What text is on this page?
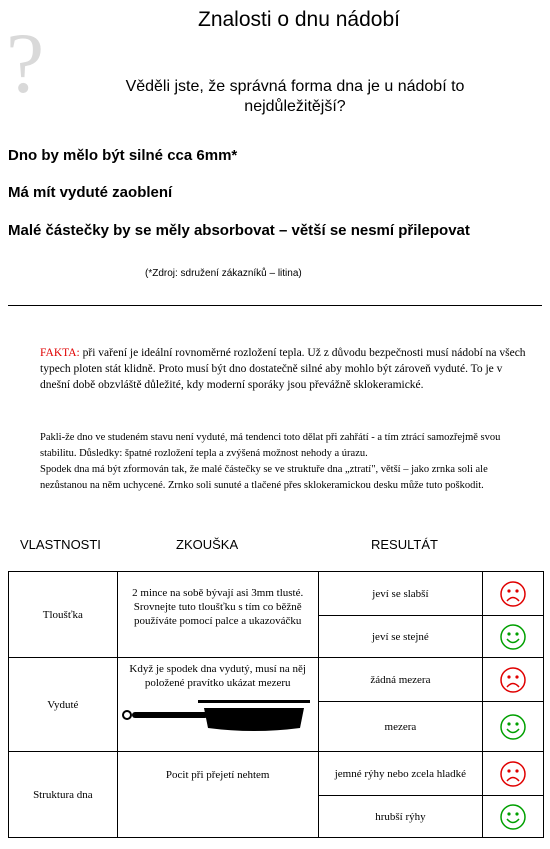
Znalosti o dnu nádobí
?	Věděli jste, že správná forma dna je u nádobí to nejdůležitější?
Dno by mělo být silné cca 6mm*
Má mít vyduté zaoblení
Malé částečky by se měly absorbovat – větší se nesmí přilepovat
(*Zdroj: sdružení zákazníků – litina)
FAKTA: při vaření je ideální rovnoměrné rozložení tepla. Už z důvodu bezpečnosti musí nádobí na všech typech ploten stát klidně. Proto musí být dno dostatečně silné aby mohlo být zároveň vyduté. To je v dnešní době obzvláště důležité, kdy moderní sporáky jsou převážně sklokeramické.
Pakli-že dno ve studeném stavu není vyduté, má tendenci toto dělat při zahřátí - a tím ztrácí samozřejmě svou stabilitu. Důsledky: špatné rozložení tepla a zvýšená možnost nehody a úrazu.
Spodek dna má být zformován tak, že malé částečky se ve struktuře dna „ztratí", větší – jako zrnka soli ale nezůstanou na něm uchycené. Zrnko soli sunuté a tlačené přes sklokeramickou desku může tuto poškodit.
VLASTNOSTI	ZKOUŠKA	RESULTÁT
Tloušťka	2 mince na sobě bývají asi 3mm tlusté. Srovnejte tuto tloušťku s tím co běžně používáte pomocí palce a ukazováčku	jeví se slabší	

		jeví se stejné	

Vyduté	Když je spodek dna vydutý, musí na něj položené pravítko ukázat mezeru	žádná mezera	

		mezera	

Struktura dna	Pocit při přejetí nehtem	jemné rýhy nebo zcela hladké	

		hrubší rýhy	
